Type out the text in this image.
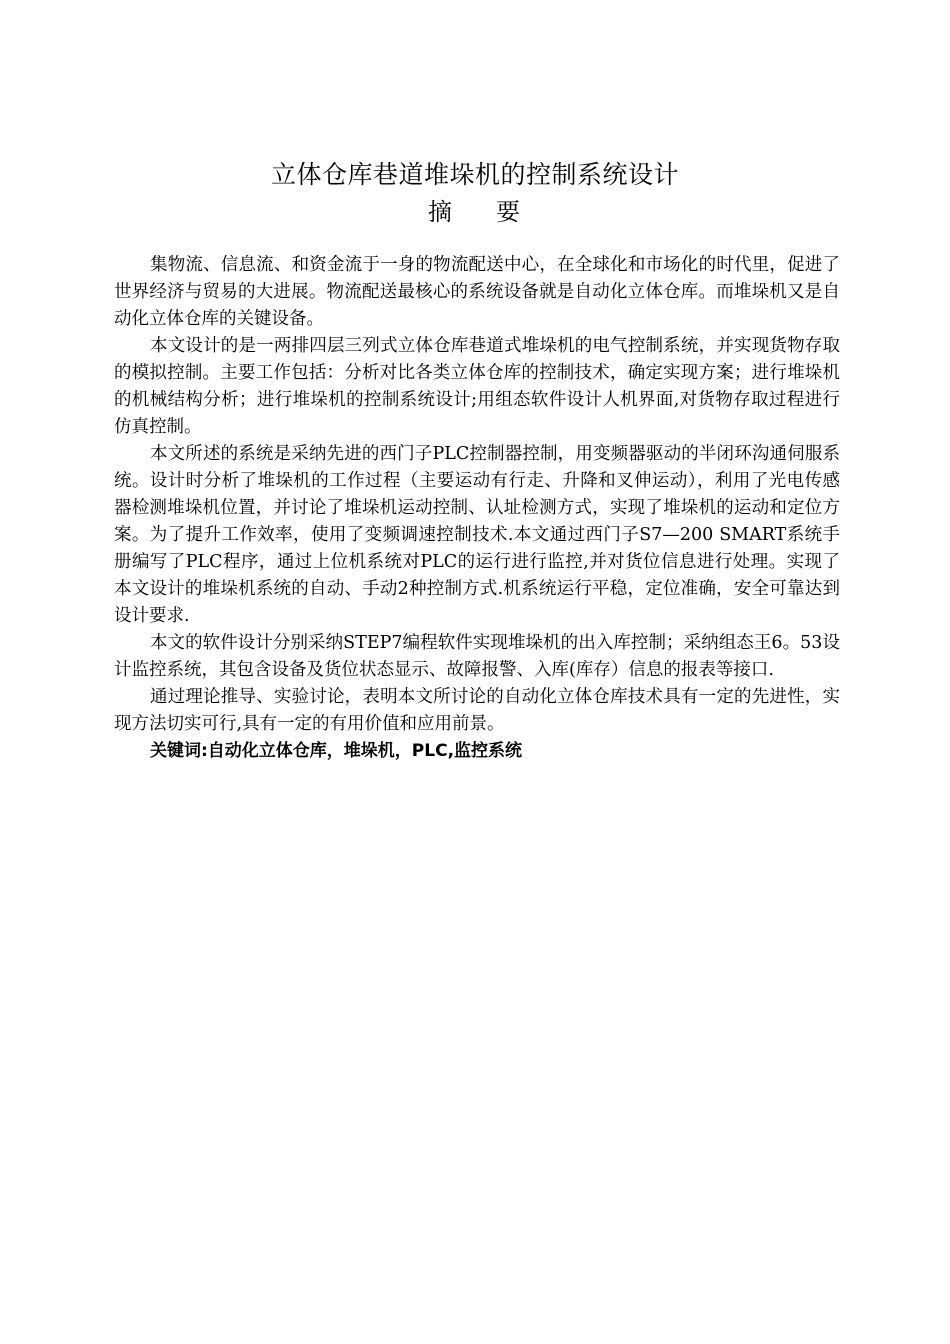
立体仓库巷道堆垛机的控制系统设计
摘 要

集物流、信息流、和资金流于一身的物流配送中心，在全球化和市场化的时代里，促进了世界经济与贸易的大进展。物流配送最核心的系统设备就是自动化立体仓库。而堆垛机又是自动化立体仓库的关键设备。

本文设计的是一两排四层三列式立体仓库巷道式堆垛机的电气控制系统，并实现货物存取的模拟控制。主要工作包括：分析对比各类立体仓库的控制技术，确定实现方案；进行堆垛机的机械结构分析；进行堆垛机的控制系统设计;用组态软件设计人机界面,对货物存取过程进行仿真控制。

本文所述的系统是采纳先进的西门子PLC控制器控制，用变频器驱动的半闭环沟通伺服系统。设计时分析了堆垛机的工作过程（主要运动有行走、升降和叉伸运动），利用了光电传感器检测堆垛机位置，并讨论了堆垛机运动控制、认址检测方式，实现了堆垛机的运动和定位方案。为了提升工作效率，使用了变频调速控制技术.本文通过西门子S7—200 SMART系统手册编写了PLC程序，通过上位机系统对PLC的运行进行监控,并对货位信息进行处理。实现了本文设计的堆垛机系统的自动、手动2种控制方式.机系统运行平稳，定位准确，安全可靠达到设计要求.

本文的软件设计分别采纳STEP7编程软件实现堆垛机的出入库控制；采纳组态王6。53设计监控系统，其包含设备及货位状态显示、故障报警、入库(库存）信息的报表等接口.

通过理论推导、实验讨论，表明本文所讨论的自动化立体仓库技术具有一定的先进性，实现方法切实可行,具有一定的有用价值和应用前景。

关键词:自动化立体仓库，堆垛机，PLC,监控系统
